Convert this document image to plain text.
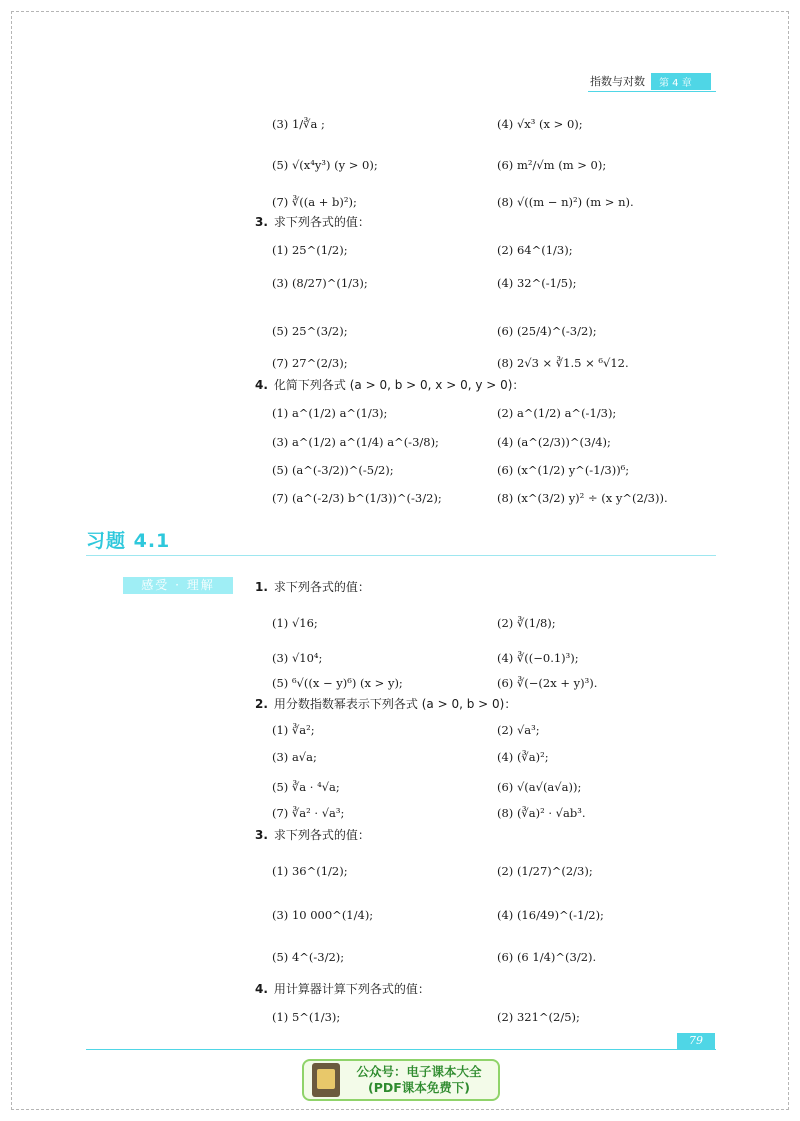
指数与对数	第 4 章
(3) 1/∛a ;	(4) √x³ (x > 0);
(5) √(x⁴y³) (y > 0);	(6) m²/√m (m > 0);
(7) ∛((a + b)²);	(8) √((m − n)²) (m > n).
3. 求下列各式的值：
(1) 25^(1/2);	(2) 64^(1/3);
(3) (8/27)^(1/3);	(4) 32^(-1/5);
(5) 25^(3/2);	(6) (25/4)^(-3/2);
(7) 27^(2/3);	(8) 2√3 × ∛1.5 × ⁶√12.
4. 化简下列各式 (a > 0, b > 0, x > 0, y > 0)：
(1) a^(1/2) a^(1/3);	(2) a^(1/2) a^(-1/3);
(3) a^(1/2) a^(1/4) a^(-3/8);	(4) (a^(2/3))^(3/4);
(5) (a^(-3/2))^(-5/2);	(6) (x^(1/2) y^(-1/3))⁶;
(7) (a^(-2/3) b^(1/3))^(-3/2);	(8) (x^(3/2) y)² ÷ (x y^(2/3)).
1. 求下列各式的值：
(1) √16;	(2) ∛(1/8);
(3) √10⁴;	(4) ∛((−0.1)³);
(5) ⁶√((x − y)⁶) (x > y);	(6) ∛(−(2x + y)³).
2. 用分数指数幂表示下列各式 (a > 0, b > 0)：
(1) ∛a²;	(2) √a³;
(3) a√a;	(4) (∛a)²;
(5) ∛a · ⁴√a;	(6) √(a√(a√a));
(7) ∛a² · √a³;	(8) (∛a)² · √ab³.
3. 求下列各式的值：
(1) 36^(1/2);	(2) (1/27)^(2/3);
(3) 10 000^(1/4);	(4) (16/49)^(-1/2);
(5) 4^(-3/2);	(6) (6 1/4)^(3/2).
4. 用计算器计算下列各式的值：
(1) 5^(1/3);	(2) 321^(2/5);
习题 4.1
感受 · 理解
79
公众号：电子课本大全
(PDF课本免费下)
